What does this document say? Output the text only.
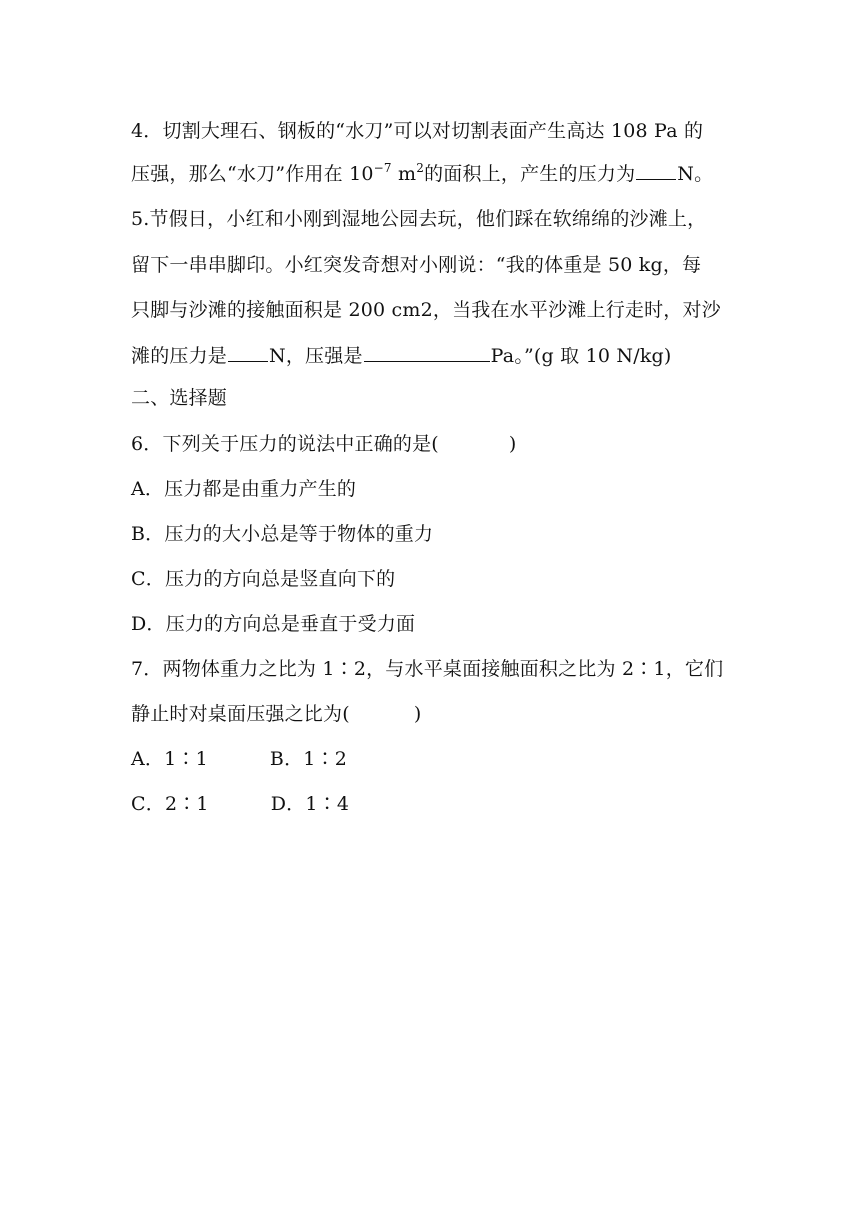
4．切割大理石、钢板的“水刀”可以对切割表面产生高达 108 Pa 的
压强，那么“水刀”作用在 $10^{-7}$ $m^2$的面积上，产生的压力为 N。
5.节假日，小红和小刚到湿地公园去玩，他们踩在软绵绵的沙滩上，
留下一串串脚印。小红突发奇想对小刚说：“我的体重是 50 kg，每
只脚与沙滩的接触面积是 200 cm2，当我在水平沙滩上行走时，对沙
滩的压力是 N，压强是	Pa。”(g 取 10 N/kg)
二、选择题
6．下列关于压力的说法中正确的是(	)
A．压力都是由重力产生的
B．压力的大小总是等于物体的重力
C．压力的方向总是竖直向下的
D．压力的方向总是垂直于受力面
7．两物体重力之比为 1∶2，与水平桌面接触面积之比为 2∶1，它们
静止时对桌面压强之比为(	)
A．1∶1	B．1∶2
C．2∶1	D．1∶4
